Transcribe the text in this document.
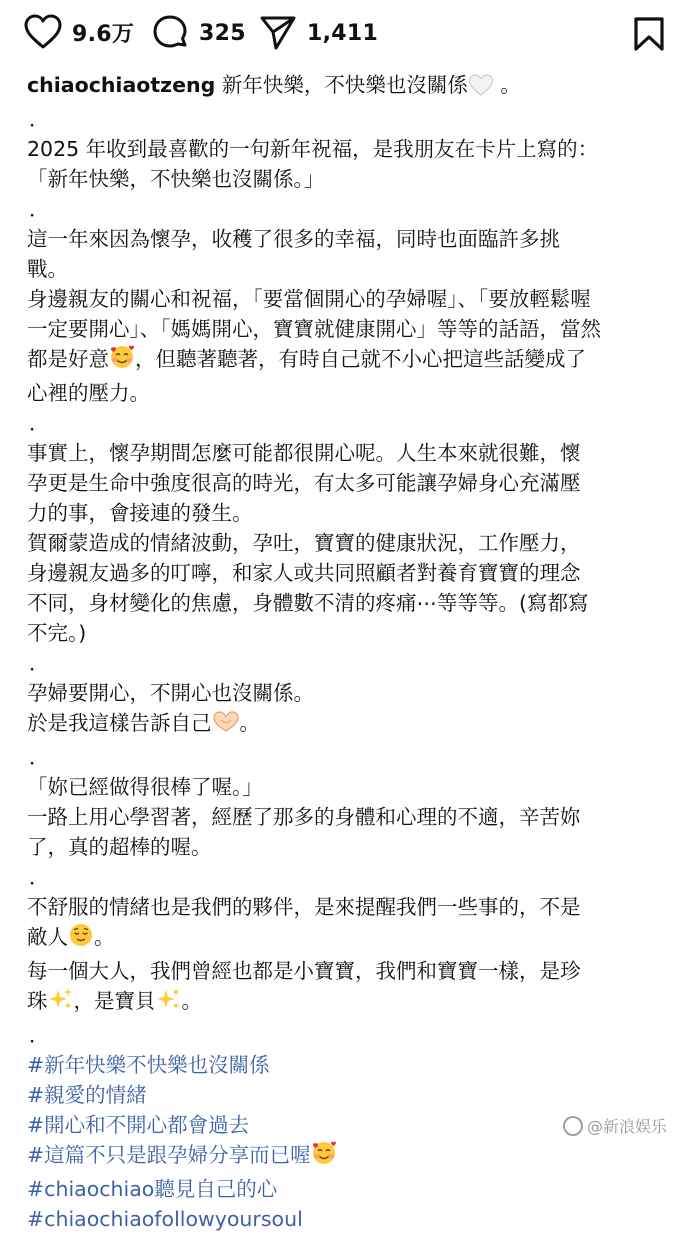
9.6万	325	1,411
chiaochiaotzeng 新年快樂，不快樂也沒關係 。
．
2025 年收到最喜歡的一句新年祝福，是我朋友在卡片上寫的：
「新年快樂，不快樂也沒關係。」
．
這一年來因為懷孕，收穫了很多的幸福，同時也面臨許多挑
戰。
身邊親友的關心和祝福，「要當個開心的孕婦喔」、「要放輕鬆喔
一定要開心」、「媽媽開心，寶寶就健康開心」等等的話語，當然
都是好意 ，但聽著聽著，有時自己就不小心把這些話變成了
心裡的壓力。
．
事實上，懷孕期間怎麼可能都很開心呢。人生本來就很難，懷
孕更是生命中強度很高的時光，有太多可能讓孕婦身心充滿壓
力的事，會接連的發生。
賀爾蒙造成的情緒波動，孕吐，寶寶的健康狀況，工作壓力，
身邊親友過多的叮嚀，和家人或共同照顧者對養育寶寶的理念
不同，身材變化的焦慮，身體數不清的疼痛⋯等等等。(寫都寫
不完。)
．
孕婦要開心，不開心也沒關係。
於是我這樣告訴自己 。
．
「妳已經做得很棒了喔。」
一路上用心學習著，經歷了那多的身體和心理的不適，辛苦妳
了，真的超棒的喔。
．
不舒服的情緒也是我們的夥伴，是來提醒我們一些事的，不是
敵人 。
每一個大人，我們曾經也都是小寶寶，我們和寶寶一樣，是珍
珠 ，是寶貝 。
．
#新年快樂不快樂也沒關係
#親愛的情緒
#開心和不開心都會過去
#這篇不只是跟孕婦分享而已喔
#chiaochiao聽見自己的心
#chiaochiaofollowyoursoul
@新浪娱乐
